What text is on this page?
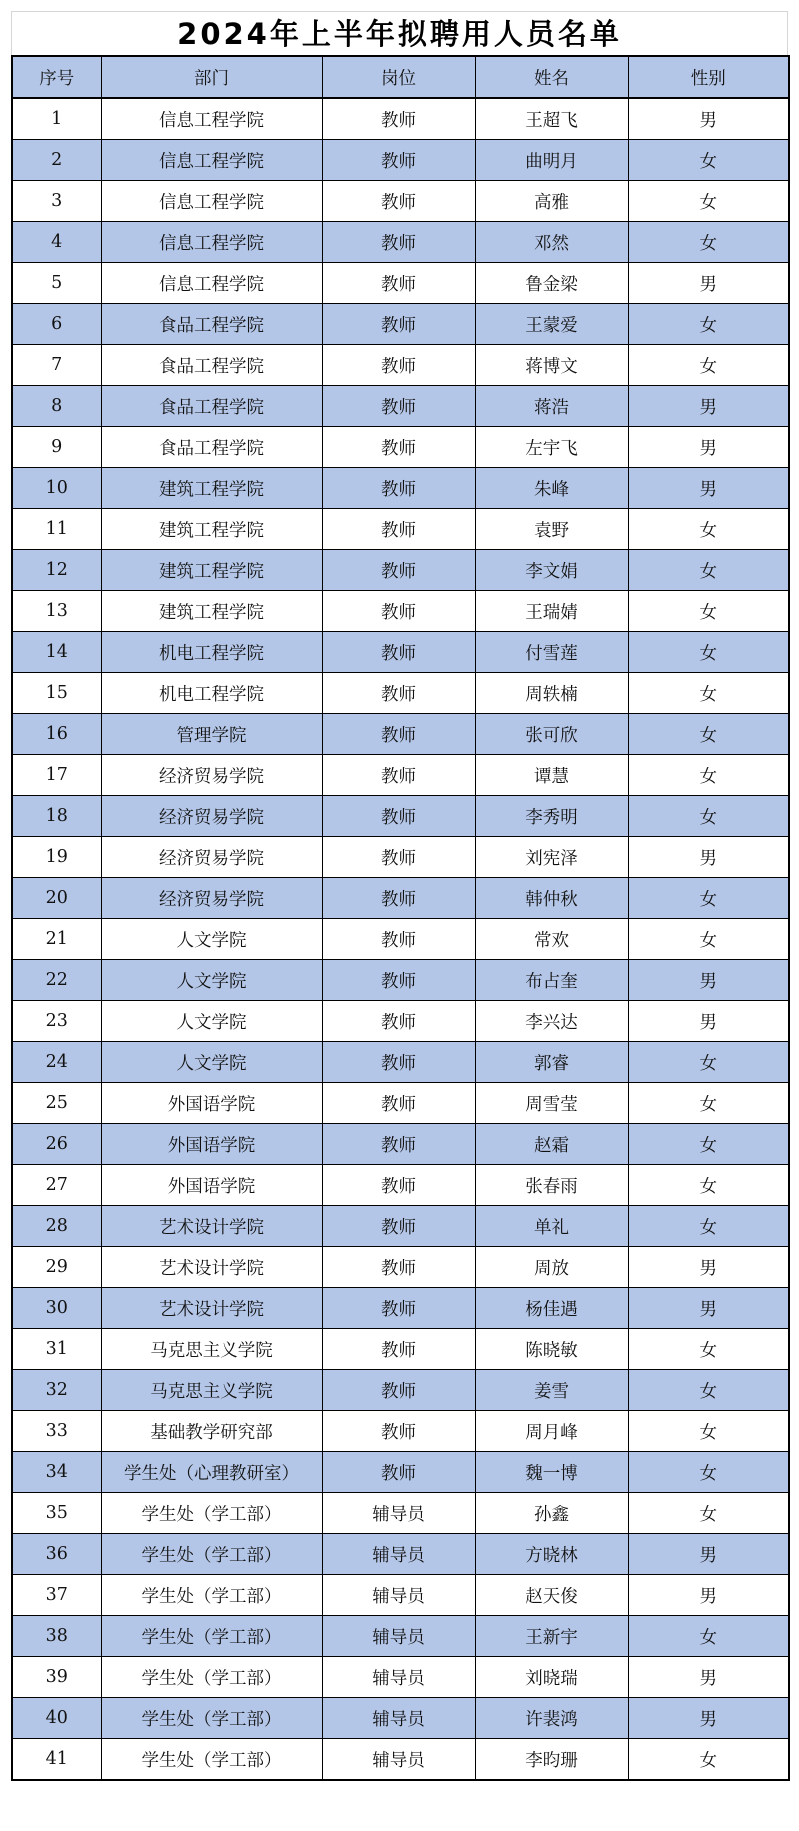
2024年上半年拟聘用人员名单
序号	部门	岗位	姓名	性别
1	信息工程学院	教师	王超飞	男
2	信息工程学院	教师	曲明月	女
3	信息工程学院	教师	高雅	女
4	信息工程学院	教师	邓然	女
5	信息工程学院	教师	鲁金梁	男
6	食品工程学院	教师	王蒙爱	女
7	食品工程学院	教师	蒋博文	女
8	食品工程学院	教师	蒋浩	男
9	食品工程学院	教师	左宇飞	男
10	建筑工程学院	教师	朱峰	男
11	建筑工程学院	教师	袁野	女
12	建筑工程学院	教师	李文娟	女
13	建筑工程学院	教师	王瑞婧	女
14	机电工程学院	教师	付雪莲	女
15	机电工程学院	教师	周轶楠	女
16	管理学院	教师	张可欣	女
17	经济贸易学院	教师	谭慧	女
18	经济贸易学院	教师	李秀明	女
19	经济贸易学院	教师	刘宪泽	男
20	经济贸易学院	教师	韩仲秋	女
21	人文学院	教师	常欢	女
22	人文学院	教师	布占奎	男
23	人文学院	教师	李兴达	男
24	人文学院	教师	郭睿	女
25	外国语学院	教师	周雪莹	女
26	外国语学院	教师	赵霜	女
27	外国语学院	教师	张春雨	女
28	艺术设计学院	教师	单礼	女
29	艺术设计学院	教师	周放	男
30	艺术设计学院	教师	杨佳遇	男
31	马克思主义学院	教师	陈晓敏	女
32	马克思主义学院	教师	姜雪	女
33	基础教学研究部	教师	周月峰	女
34	学生处（心理教研室）	教师	魏一博	女
35	学生处（学工部）	辅导员	孙鑫	女
36	学生处（学工部）	辅导员	方晓林	男
37	学生处（学工部）	辅导员	赵天俊	男
38	学生处（学工部）	辅导员	王新宇	女
39	学生处（学工部）	辅导员	刘晓瑞	男
40	学生处（学工部）	辅导员	许裴鸿	男
41	学生处（学工部）	辅导员	李昀珊	女
